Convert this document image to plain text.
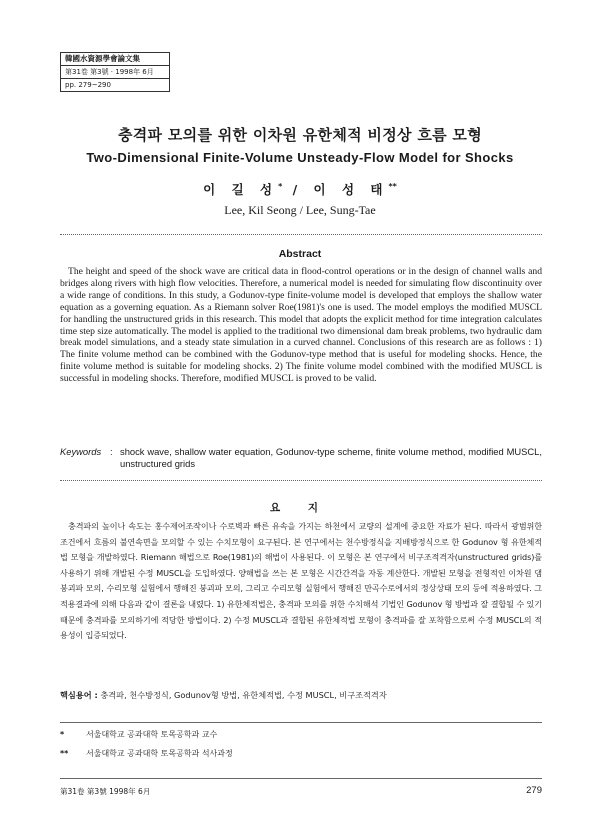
韓國水資源學會論文集
第31卷 第3號 · 1998年 6月
pp. 279~290
충격파 모의를 위한 이차원 유한체적 비정상 흐름 모형
Two-Dimensional Finite-Volume Unsteady-Flow Model for Shocks
이 길 성* / 이 성 태**
Lee, Kil Seong / Lee, Sung-Tae
Abstract

The height and speed of the shock wave are critical data in flood-control operations or in the design of channel walls and bridges along rivers with high flow velocities. Therefore, a numerical model is needed for simulating flow discontinuity over a wide range of conditions. In this study, a Godunov-type finite-volume model is developed that employs the shallow water equation as a governing equation. As a Riemann solver Roe(1981)'s one is used. The model employs the modified MUSCL for handling the unstructured grids in this research. This model that adopts the explicit method for time integration calculates time step size automatically. The model is applied to the traditional two dimensional dam break problems, two hydraulic dam break model simulations, and a steady state simulation in a curved channel. Conclusions of this research are as follows : 1) The finite volume method can be combined with the Godunov-type method that is useful for modeling shocks. Hence, the finite volume method is suitable for modeling shocks. 2) The finite volume model combined with the modified MUSCL is successful in modeling shocks. Therefore, modified MUSCL is proved to be valid.

Keywords : shock wave, shallow water equation, Godunov-type scheme, finite volume method, modified MUSCL, unstructured grids
요 지

충격파의 높이나 속도는 홍수제어조작이나 수로벽과 빠른 유속을 가지는 하천에서 교량의 설계에 중요한 자료가 된다. 따라서 광범위한 조건에서 흐름의 불연속면을 모의할 수 있는 수치모형이 요구된다. 본 연구에서는 천수방정식을 지배방정식으로 한 Godunov 형 유한체적법 모형을 개발하였다. Riemann 해법으로 Roe(1981)의 해법이 사용된다. 이 모형은 본 연구에서 비구조적격자(unstructured grids)를 사용하기 위해 개발된 수정 MUSCL을 도입하였다. 양해법을 쓰는 본 모형은 시간간격을 자동 계산한다. 개발된 모형을 전형적인 이차원 댐 붕괴파 모의, 수리모형 실험에서 행해진 붕괴파 모의, 그리고 수리모형 실험에서 행해진 만곡수로에서의 정상상태 모의 등에 적용하였다. 그 적용결과에 의해 다음과 같이 결론을 내렸다. 1) 유한체적법은, 충격파 모의를 위한 수치해석 기법인 Godunov 형 방법과 잘 결합될 수 있기 때문에 충격파를 모의하기에 적당한 방법이다. 2) 수정 MUSCL과 결합된 유한체적법 모형이 충격파를 잘 포착함으로써 수정 MUSCL의 적용성이 입증되었다.

핵심용어 : 충격파, 천수방정식, Godunov형 방법, 유한체적법, 수정 MUSCL, 비구조적격자
*	서울대학교 공과대학 토목공학과 교수
** 서울대학교 공과대학 토목공학과 석사과정
第31卷 第3號 1998年 6月	279
